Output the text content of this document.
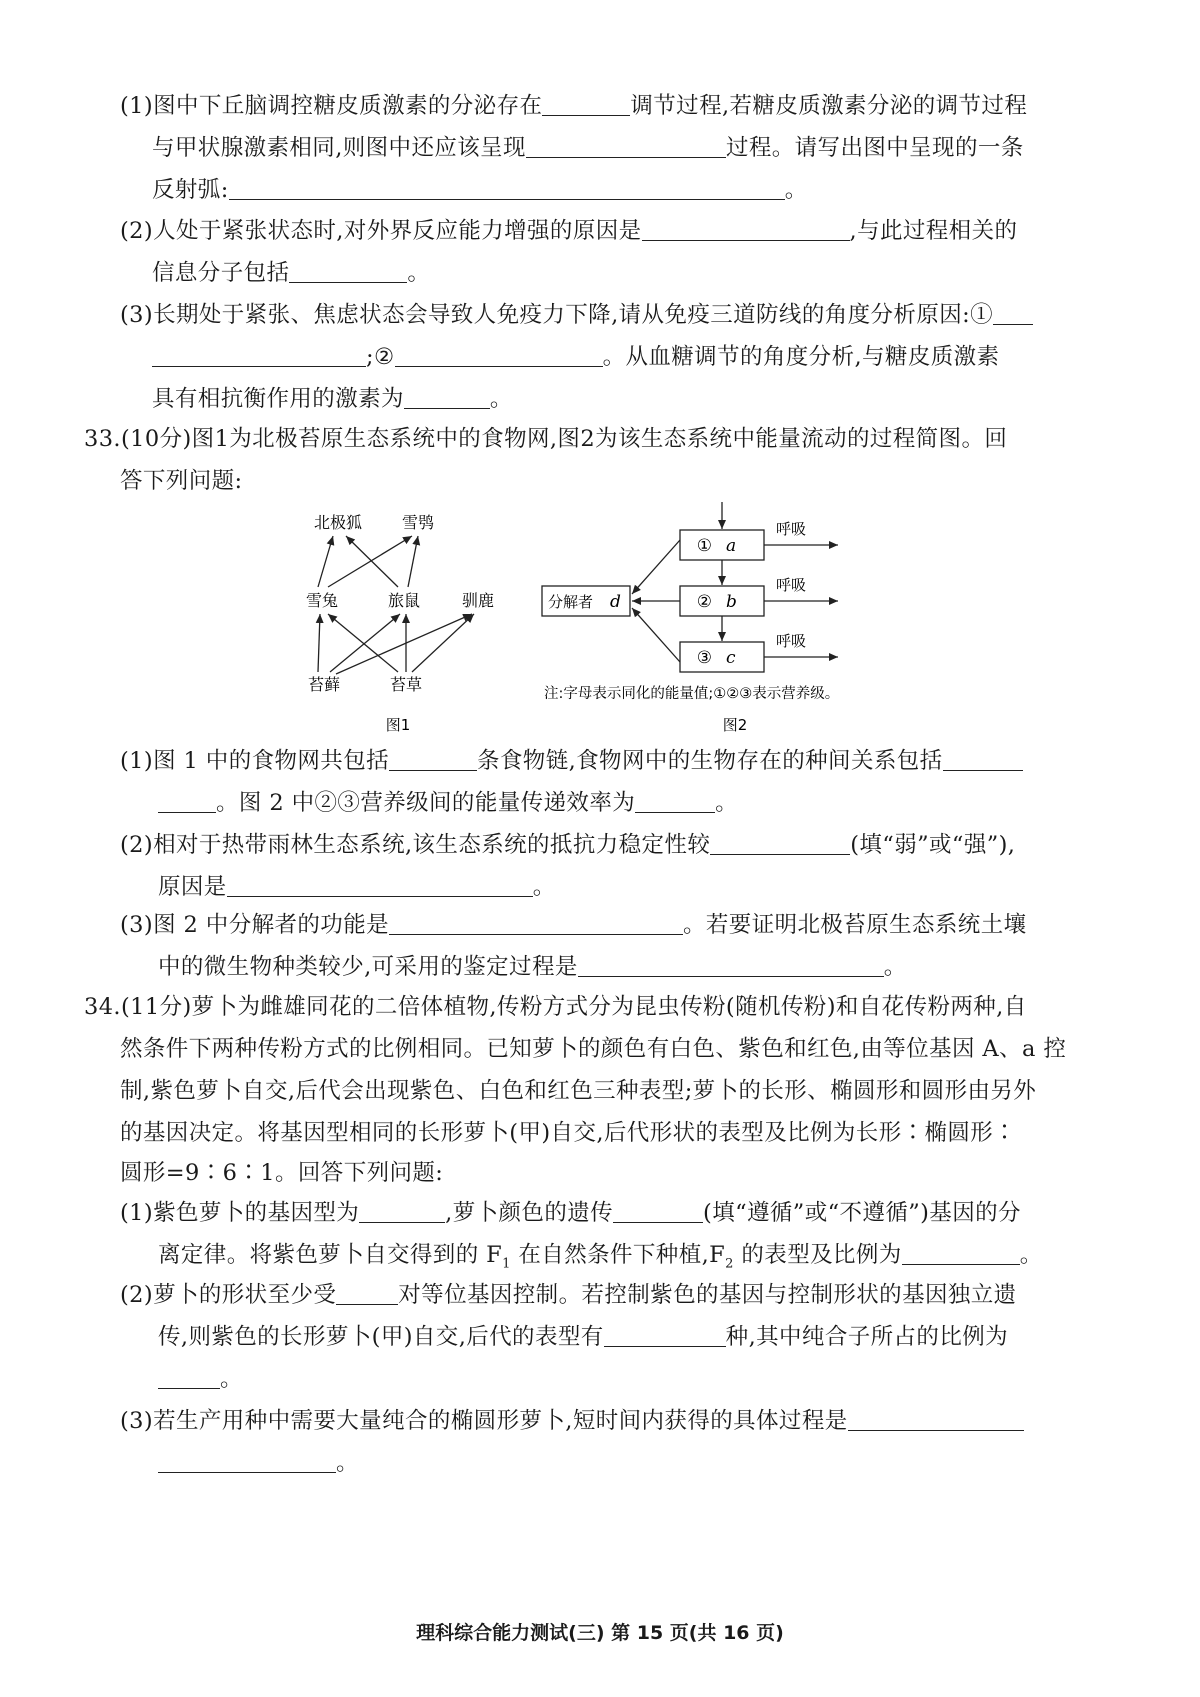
(1)图中下丘脑调控糖皮质激素的分泌存在	调节过程,若糖皮质激素分泌的调节过程
与甲状腺激素相同,则图中还应该呈现	过程。请写出图中呈现的一条
反射弧:	。
(2)人处于紧张状态时,对外界反应能力增强的原因是	,与此过程相关的
信息分子包括	。
(3)长期处于紧张、焦虑状态会导致人免疫力下降,请从免疫三道防线的角度分析原因:①
;②	。从血糖调节的角度分析,与糖皮质激素
具有相抗衡作用的激素为	。
33.(10分)图1为北极苔原生态系统中的食物网,图2为该生态系统中能量流动的过程简图。回
答下列问题:
北极狐 雪鸮
雪兔	旅鼠	驯鹿
苔藓	苔草
图1
① a
② b
③ c
分解者 d
呼吸
呼吸
呼吸
注:字母表示同化的能量值;①②③表示营养级。
图2
(1)图 1 中的食物网共包括	条食物链,食物网中的生物存在的种间关系包括
。图 2 中②③营养级间的能量传递效率为	。
(2)相对于热带雨林生态系统,该生态系统的抵抗力稳定性较	(填“弱”或“强”),
原因是	。
(3)图 2 中分解者的功能是	。若要证明北极苔原生态系统土壤
中的微生物种类较少,可采用的鉴定过程是	。
34.(11分)萝卜为雌雄同花的二倍体植物,传粉方式分为昆虫传粉(随机传粉)和自花传粉两种,自
然条件下两种传粉方式的比例相同。已知萝卜的颜色有白色、紫色和红色,由等位基因 A、a 控
制,紫色萝卜自交,后代会出现紫色、白色和红色三种表型;萝卜的长形、椭圆形和圆形由另外
的基因决定。将基因型相同的长形萝卜(甲)自交,后代形状的表型及比例为长形∶椭圆形∶
圆形=9∶6∶1。回答下列问题:
(1)紫色萝卜的基因型为	,萝卜颜色的遗传	(填“遵循”或“不遵循”)基因的分
离定律。将紫色萝卜自交得到的 $F_1$ 在自然条件下种植$,F_2$ 的表型及比例为	。
(2)萝卜的形状至少受	对等位基因控制。若控制紫色的基因与控制形状的基因独立遗
传,则紫色的长形萝卜(甲)自交,后代的表型有	种,其中纯合子所占的比例为
。
(3)若生产用种中需要大量纯合的椭圆形萝卜,短时间内获得的具体过程是
。
理科综合能力测试(三) 第 15 页(共 16 页)
